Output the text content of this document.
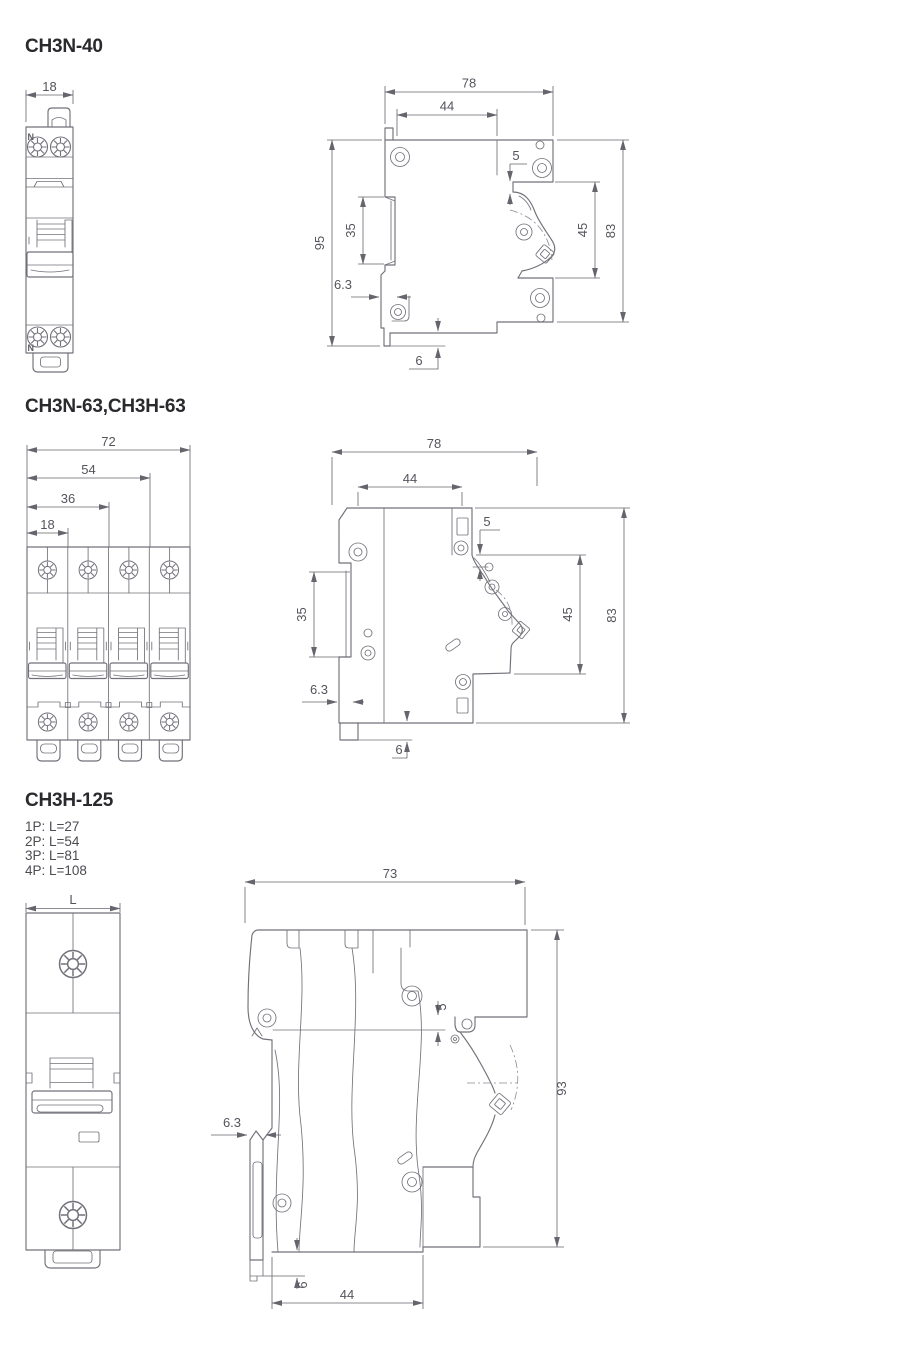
CH3N-40
18
N
N
78
44
5
95
35	45 83
6.3
6
CH3N-63,CH3H-63
72
54
36
18
78
44
5
35	45 83
6.3
6
CH3H-125
1P: L=27
2P: L=54
3P: L=81
4P: L=108
L
73
5
93
6.3
6
44
